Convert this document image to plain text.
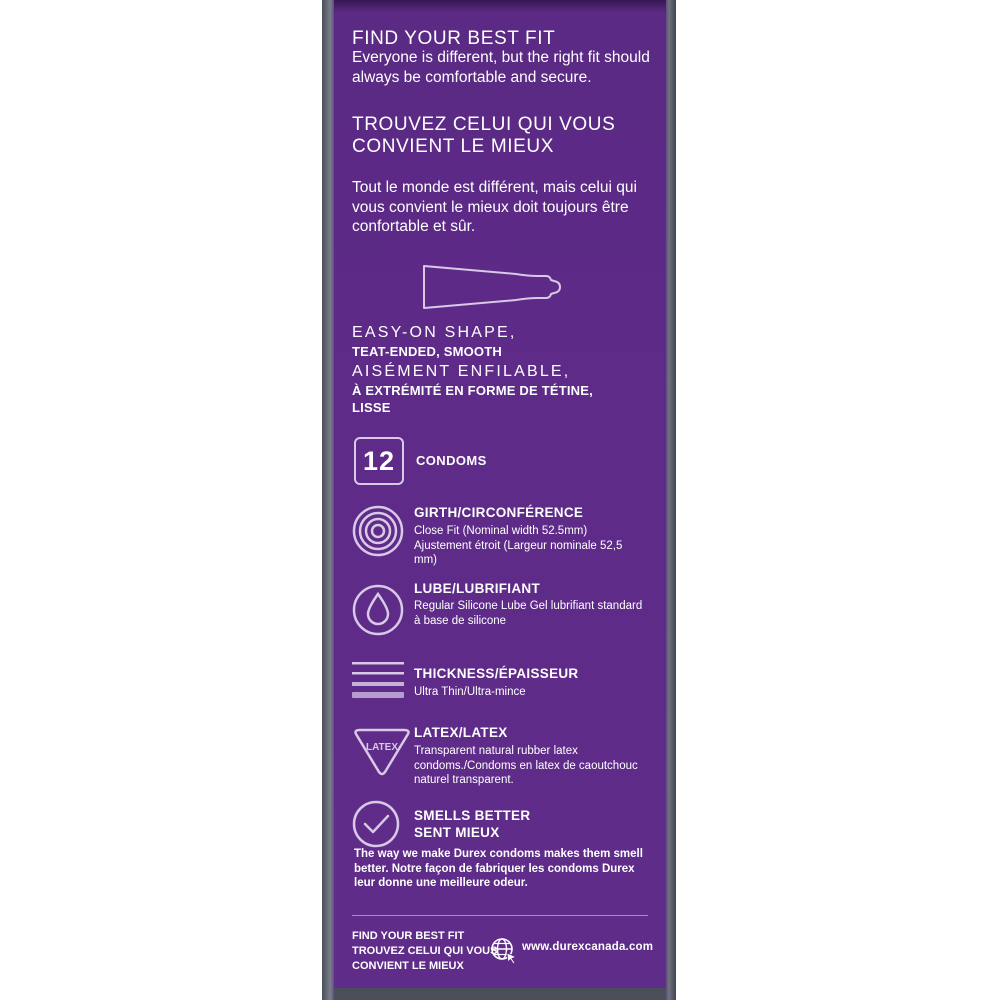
FIND YOUR BEST FIT
Everyone is different, but the right fit should always be comfortable and secure.
TROUVEZ CELUI QUI VOUS CONVIENT LE MIEUX
Tout le monde est différent, mais celui qui vous convient le mieux doit toujours être confortable et sûr.
EASY-ON SHAPE,
TEAT-ENDED, SMOOTH
AISÉMENT ENFILABLE,
À EXTRÉMITÉ EN FORME DE TÉTINE, LISSE
12	CONDOMS
GIRTH/CIRCONFÉRENCE
Close Fit (Nominal width 52.5mm) Ajustement étroit (Largeur nominale 52,5 mm)
LUBE/LUBRIFIANT
Regular Silicone Lube Gel lubrifiant standard à base de silicone
THICKNESS/ÉPAISSEUR
Ultra Thin/Ultra-mince
LATEX
LATEX/LATEX
Transparent natural rubber latex condoms./Condoms en latex de caoutchouc naturel transparent.
SMELLS BETTER SENT MIEUX
The way we make Durex condoms makes them smell better. Notre façon de fabriquer les condoms Durex leur donne une meilleure odeur.
FIND YOUR BEST FIT TROUVEZ CELUI QUI VOUS CONVIENT LE MIEUX
www.durexcanada.com
